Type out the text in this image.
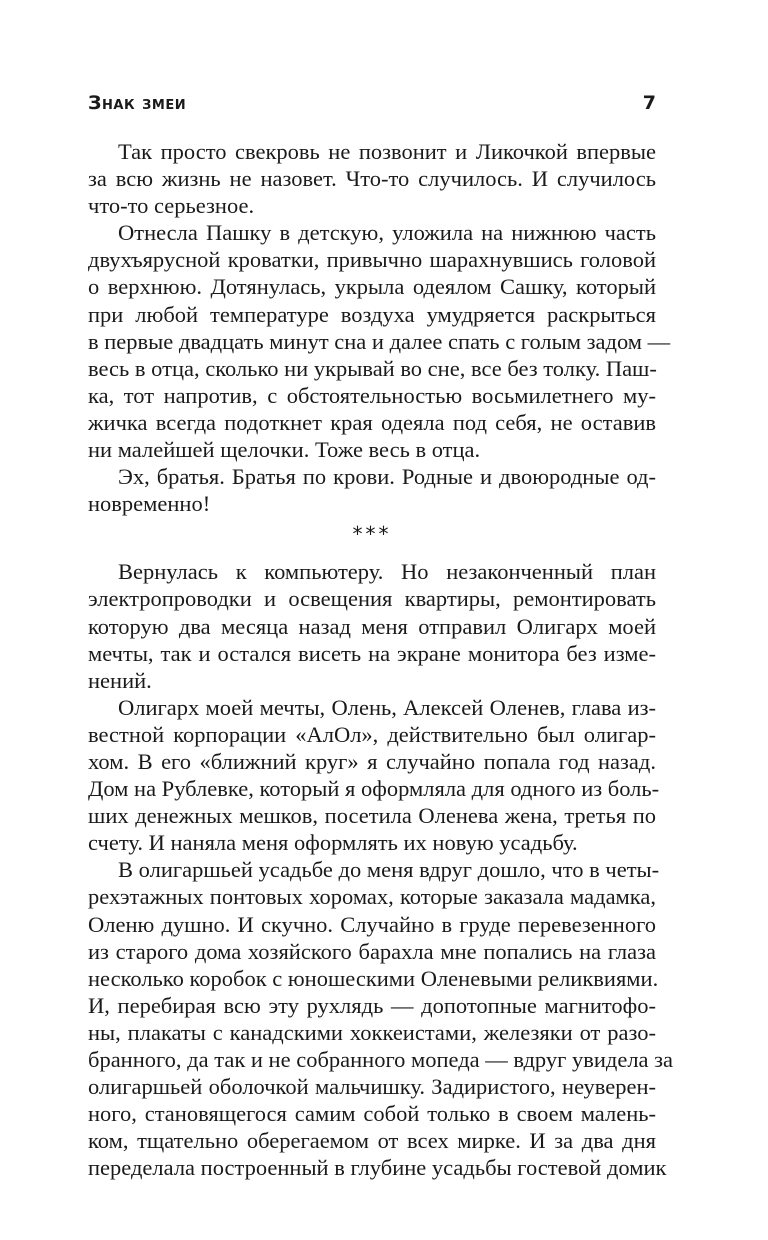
Знак змеи	7
Так просто свекровь не позвонит и Ликочкой впервые
за всю жизнь не назовет. Что-то случилось. И случилось
что-то серьезное.
Отнесла Пашку в детскую, уложила на нижнюю часть
двухъярусной кроватки, привычно шарахнувшись головой
о верхнюю. Дотянулась, укрыла одеялом Сашку, который
при любой температуре воздуха умудряется раскрыться
в первые двадцать минут сна и далее спать с голым задом —
весь в отца, сколько ни укрывай во сне, все без толку. Паш-
ка, тот напротив, с обстоятельностью восьмилетнего му-
жичка всегда подоткнет края одеяла под себя, не оставив
ни малейшей щелочки. Тоже весь в отца.
Эх, братья. Братья по крови. Родные и двоюродные од-
новременно!
***
Вернулась к компьютеру. Но незаконченный план
электропроводки и освещения квартиры, ремонтировать
которую два месяца назад меня отправил Олигарх моей
мечты, так и остался висеть на экране монитора без изме-
нений.
Олигарх моей мечты, Олень, Алексей Оленев, глава из-
вестной корпорации «АлОл», действительно был олигар-
хом. В его «ближний круг» я случайно попала год назад.
Дом на Рублевке, который я оформляла для одного из боль-
ших денежных мешков, посетила Оленева жена, третья по
счету. И наняла меня оформлять их новую усадьбу.
В олигаршьей усадьбе до меня вдруг дошло, что в четы-
рехэтажных понтовых хоромах, которые заказала мадамка,
Оленю душно. И скучно. Случайно в груде перевезенного
из старого дома хозяйского барахла мне попались на глаза
несколько коробок с юношескими Оленевыми реликвиями.
И, перебирая всю эту рухлядь — допотопные магнитофо-
ны, плакаты с канадскими хоккеистами, железяки от разо-
бранного, да так и не собранного мопеда — вдруг увидела за
олигаршьей оболочкой мальчишку. Задиристого, неуверен-
ного, становящегося самим собой только в своем малень-
ком, тщательно оберегаемом от всех мирке. И за два дня
переделала построенный в глубине усадьбы гостевой домик
